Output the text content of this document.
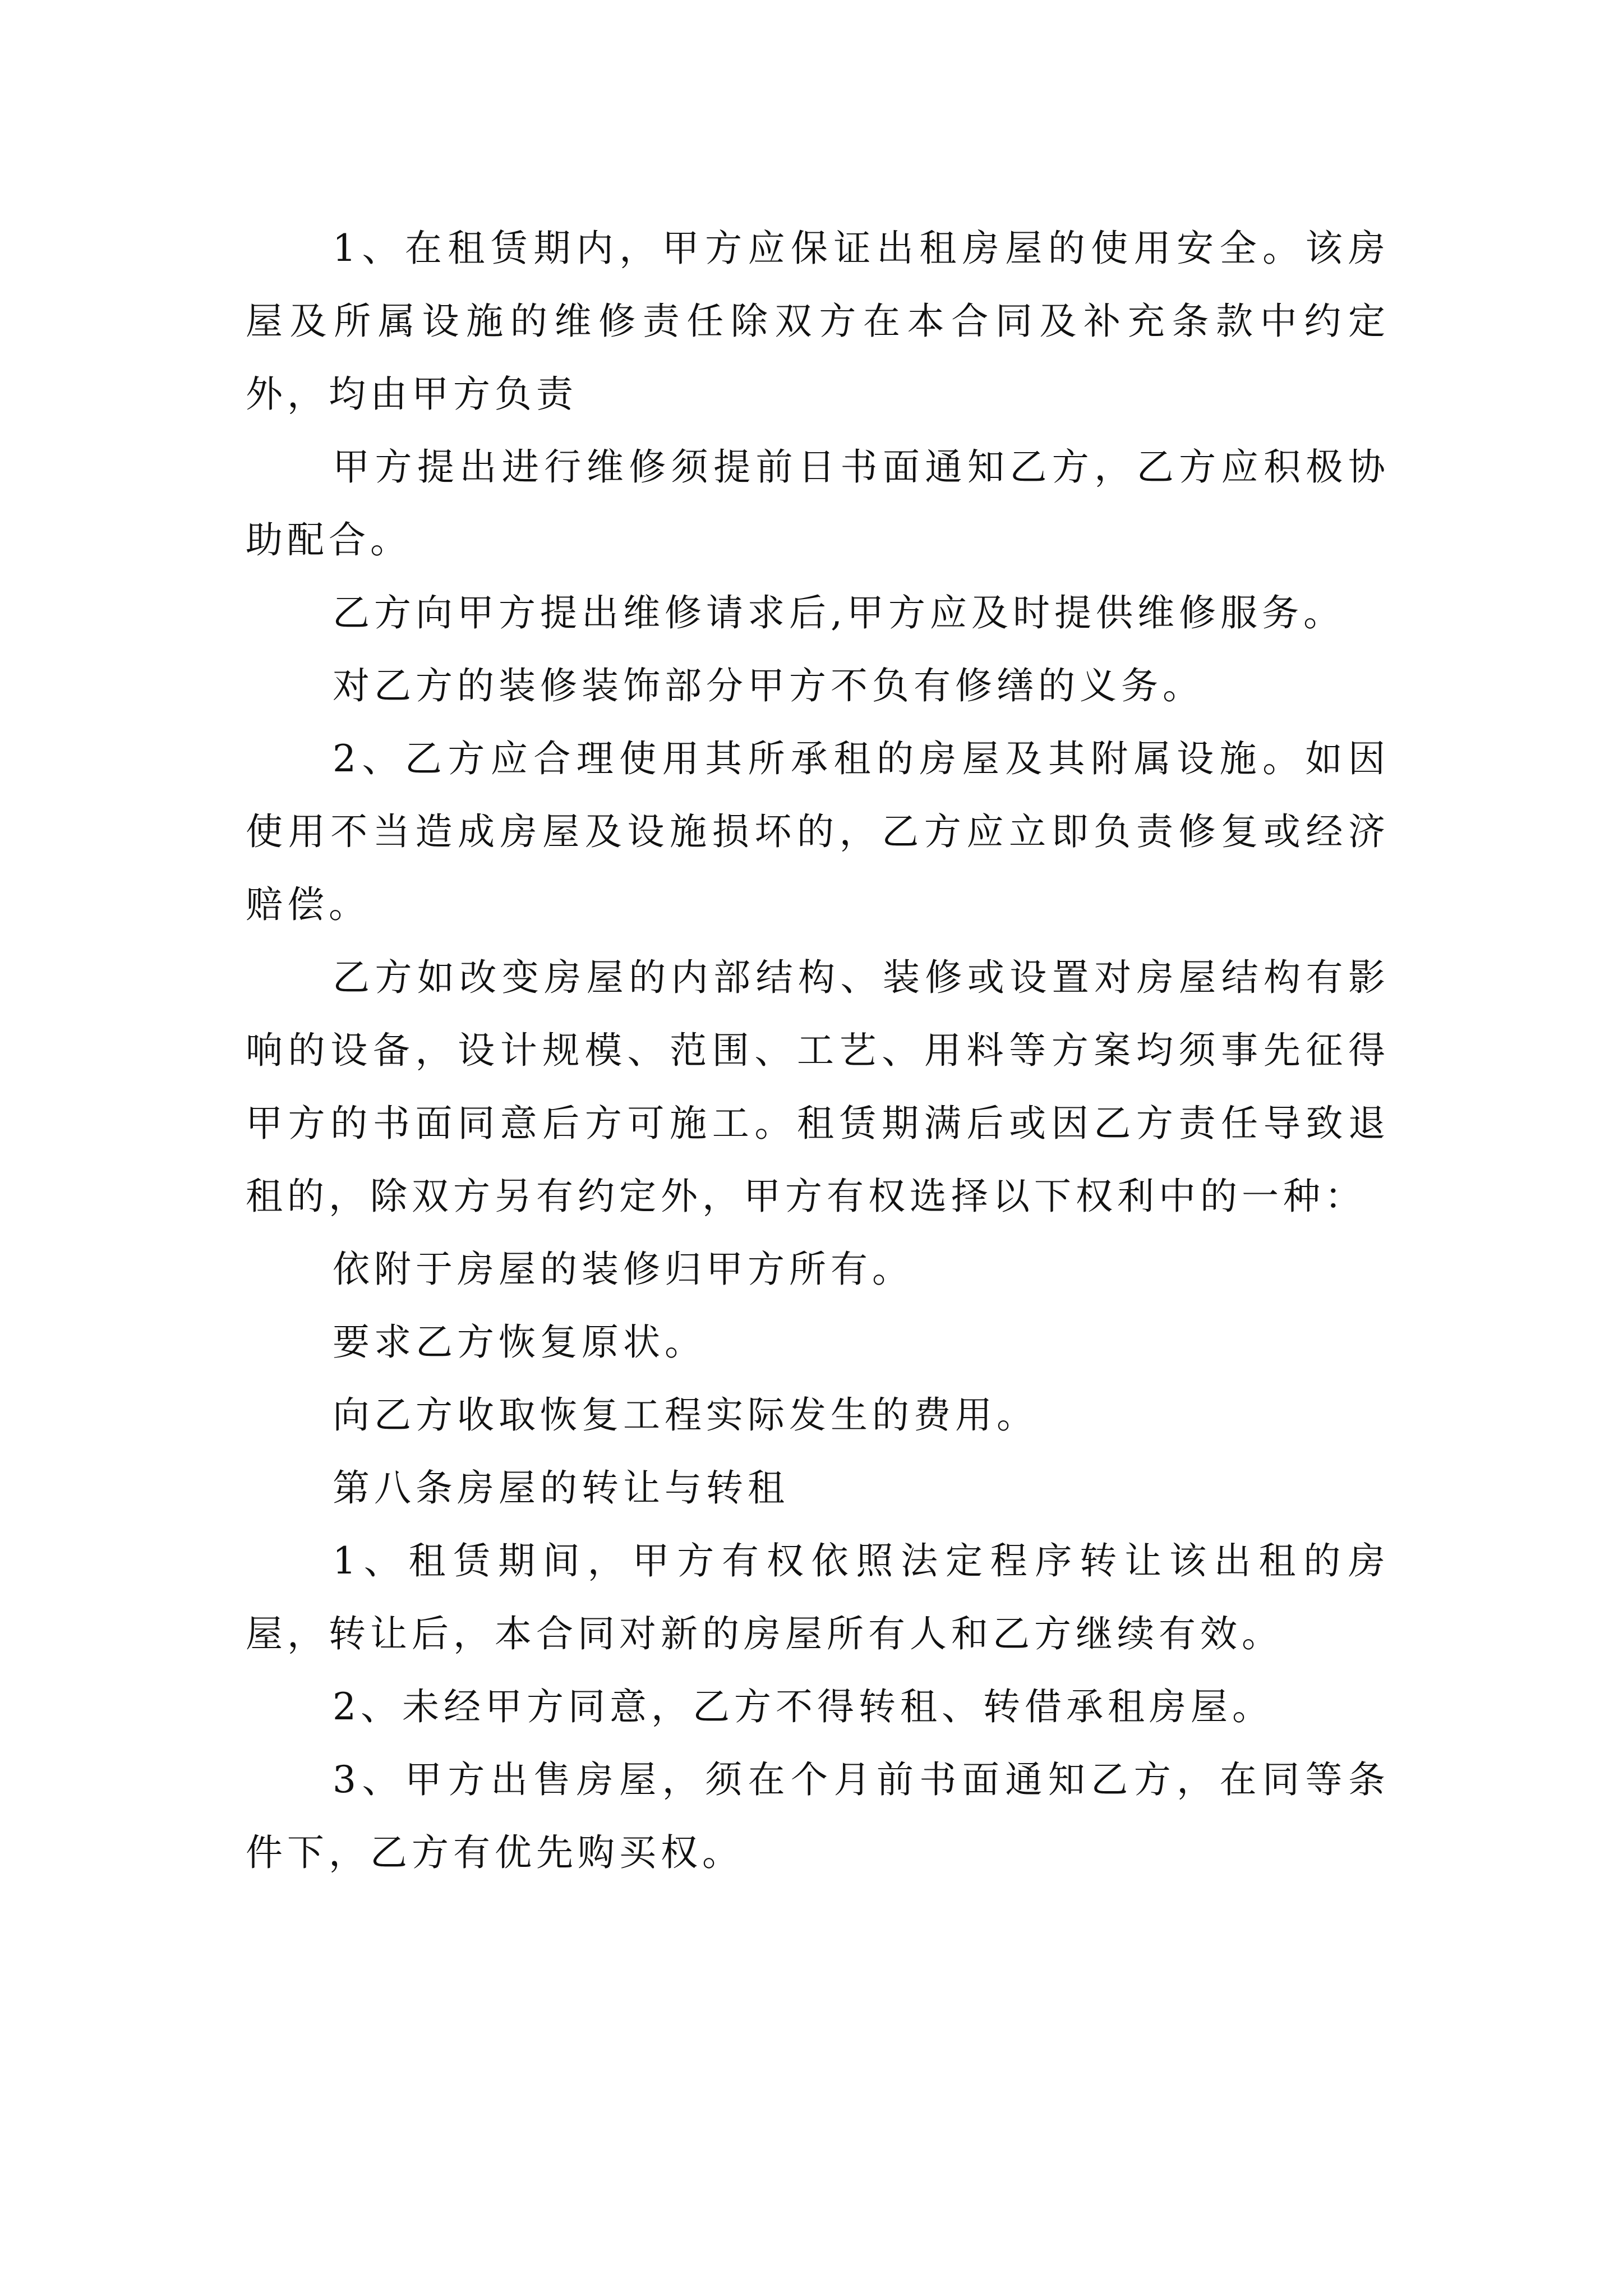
1、在租赁期内，甲方应保证出租房屋的使用安全。该房屋及所属设施的维修责任除双方在本合同及补充条款中约定外，均由甲方负责

甲方提出进行维修须提前日书面通知乙方，乙方应积极协助配合。

乙方向甲方提出维修请求后,甲方应及时提供维修服务。

对乙方的装修装饰部分甲方不负有修缮的义务。

2、乙方应合理使用其所承租的房屋及其附属设施。如因使用不当造成房屋及设施损坏的，乙方应立即负责修复或经济赔偿。

乙方如改变房屋的内部结构、装修或设置对房屋结构有影响的设备，设计规模、范围、工艺、用料等方案均须事先征得甲方的书面同意后方可施工。租赁期满后或因乙方责任导致退租的，除双方另有约定外，甲方有权选择以下权利中的一种：

依附于房屋的装修归甲方所有。

要求乙方恢复原状。

向乙方收取恢复工程实际发生的费用。

第八条房屋的转让与转租

1、租赁期间，甲方有权依照法定程序转让该出租的房屋，转让后，本合同对新的房屋所有人和乙方继续有效。

2、未经甲方同意，乙方不得转租、转借承租房屋。

3、甲方出售房屋，须在个月前书面通知乙方，在同等条件下，乙方有优先购买权。
